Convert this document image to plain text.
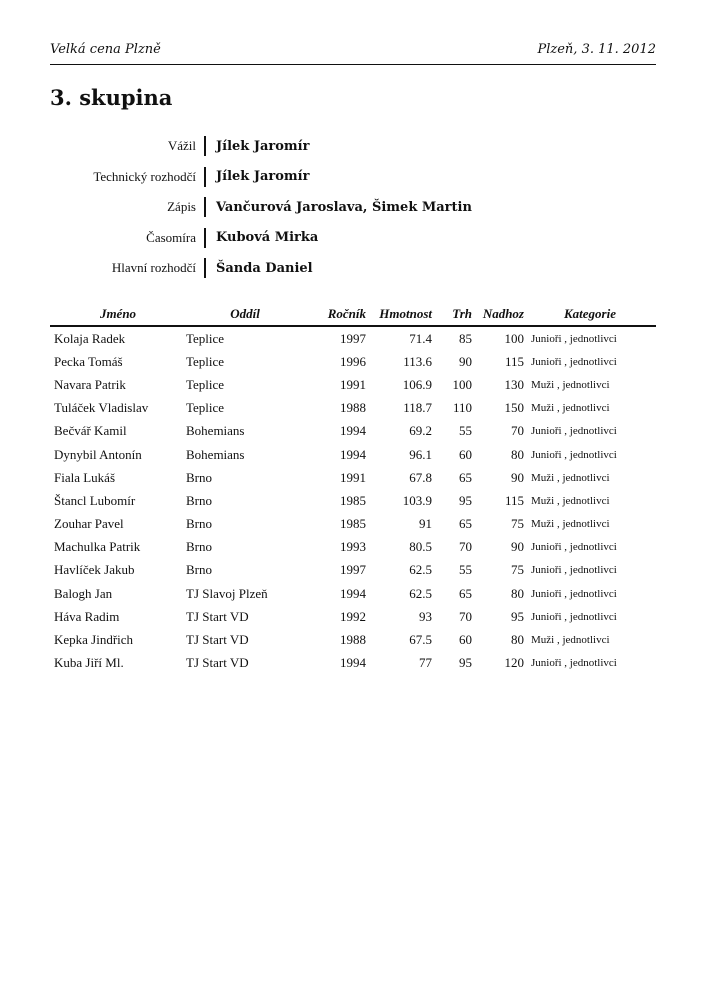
Velká cena Plzně	Plzeň, 3. 11. 2012
3. skupina
Vážil	Jílek Jaromír
Technický rozhodčí	Jílek Jaromír
Zápis	Vančurová Jaroslava, Šimek Martin
Časomíra	Kubová Mirka
Hlavní rozhodčí	Šanda Daniel
Jméno	Oddíl	Ročník	Hmotnost	Trh	Nadhoz	Kategorie
Kolaja Radek	Teplice	1997	71.4	85	100	Junioři , jednotlivci
Pecka Tomáš	Teplice	1996	113.6	90	115	Junioři , jednotlivci
Navara Patrik	Teplice	1991	106.9	100	130	Muži , jednotlivci
Tuláček Vladislav	Teplice	1988	118.7	110	150	Muži , jednotlivci
Bečvář Kamil	Bohemians	1994	69.2	55	70	Junioři , jednotlivci
Dynybil Antonín	Bohemians	1994	96.1	60	80	Junioři , jednotlivci
Fiala Lukáš	Brno	1991	67.8	65	90	Muži , jednotlivci
Štancl Lubomír	Brno	1985	103.9	95	115	Muži , jednotlivci
Zouhar Pavel	Brno	1985	91	65	75	Muži , jednotlivci
Machulka Patrik	Brno	1993	80.5	70	90	Junioři , jednotlivci
Havlíček Jakub	Brno	1997	62.5	55	75	Junioři , jednotlivci
Balogh Jan	TJ Slavoj Plzeň	1994	62.5	65	80	Junioři , jednotlivci
Háva Radim	TJ Start VD	1992	93	70	95	Junioři , jednotlivci
Kepka Jindřich	TJ Start VD	1988	67.5	60	80	Muži , jednotlivci
Kuba Jiří Ml.	TJ Start VD	1994	77	95	120	Junioři , jednotlivci
